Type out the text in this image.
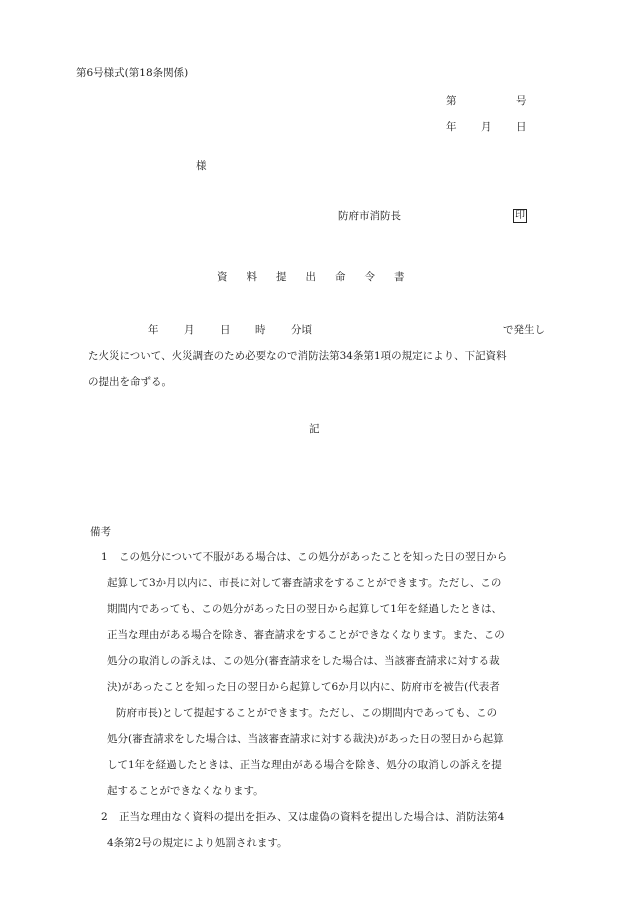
第6号様式(第18条関係)
第	号
年 月 日
様
防府市消防長	印
資 料 提 出 命 令 書
年 月 日 時 分頃	で発生し
た火災について、火災調査のため必要なので消防法第34条第1項の規定により、下記資料
の提出を命ずる。
記
備考
1 この処分について不服がある場合は、この処分があったことを知った日の翌日から
起算して3か月以内に、市長に対して審査請求をすることができます。ただし、この
期間内であっても、この処分があった日の翌日から起算して1年を経過したときは、
正当な理由がある場合を除き、審査請求をすることができなくなります。また、この
処分の取消しの訴えは、この処分(審査請求をした場合は、当該審査請求に対する裁
決)があったことを知った日の翌日から起算して6か月以内に、防府市を被告(代表者
防府市長)として提起することができます。ただし、この期間内であっても、この
処分(審査請求をした場合は、当該審査請求に対する裁決)があった日の翌日から起算
して1年を経過したときは、正当な理由がある場合を除き、処分の取消しの訴えを提
起することができなくなります。
2 正当な理由なく資料の提出を拒み、又は虚偽の資料を提出した場合は、消防法第4
4条第2号の規定により処罰されます。
